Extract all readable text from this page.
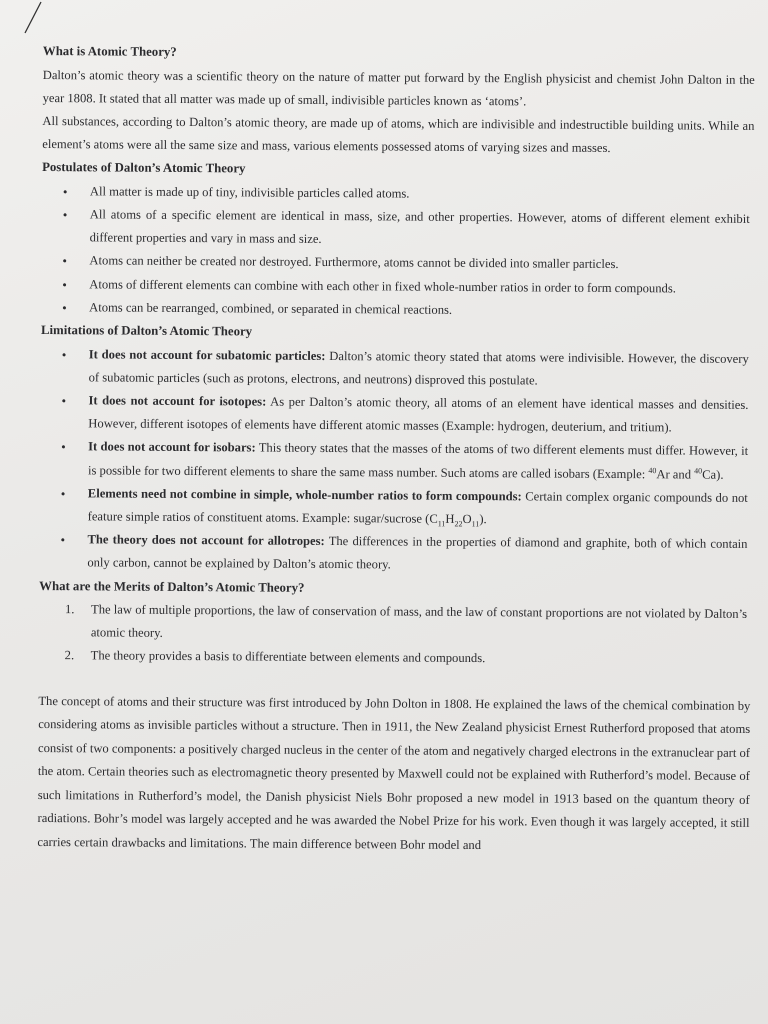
What is Atomic Theory?

Dalton’s atomic theory was a scientific theory on the nature of matter put forward by the English physicist and chemist John Dalton in the year 1808. It stated that all matter was made up of small, indivisible particles known as ‘atoms’.

All substances, according to Dalton’s atomic theory, are made up of atoms, which are indivisible and indestructible building units. While an element’s atoms were all the same size and mass, various elements possessed atoms of varying sizes and masses.

Postulates of Dalton’s Atomic Theory
• All matter is made up of tiny, indivisible particles called atoms.
• All atoms of a specific element are identical in mass, size, and other properties. However, atoms of different element exhibit different properties and vary in mass and size.
• Atoms can neither be created nor destroyed. Furthermore, atoms cannot be divided into smaller particles.
• Atoms of different elements can combine with each other in fixed whole-number ratios in order to form compounds.
• Atoms can be rearranged, combined, or separated in chemical reactions.
Limitations of Dalton’s Atomic Theory
• It does not account for subatomic particles: Dalton’s atomic theory stated that atoms were indivisible. However, the discovery of subatomic particles (such as protons, electrons, and neutrons) disproved this postulate.
• It does not account for isotopes: As per Dalton’s atomic theory, all atoms of an element have identical masses and densities. However, different isotopes of elements have different atomic masses (Example: hydrogen, deuterium, and tritium).
• It does not account for isobars: This theory states that the masses of the atoms of two different elements must differ. However, it is possible for two different elements to share the same mass number. Such atoms are called isobars (Example: $^{40}$Ar and $^{40}$Ca).
• Elements need not combine in simple, whole-number ratios to form compounds: Certain complex organic compounds do not feature simple ratios of constituent atoms. Example: sugar/sucrose $(C_{11}H_{22}O_{11})$.
• The theory does not account for allotropes: The differences in the properties of diamond and graphite, both of which contain only carbon, cannot be explained by Dalton’s atomic theory.
What are the Merits of Dalton’s Atomic Theory?
1. The law of multiple proportions, the law of conservation of mass, and the law of constant proportions are not violated by Dalton’s atomic theory.
2. The theory provides a basis to differentiate between elements and compounds.

The concept of atoms and their structure was first introduced by John Dolton in 1808. He explained the laws of the chemical combination by considering atoms as invisible particles without a structure. Then in 1911, the New Zealand physicist Ernest Rutherford proposed that atoms consist of two components: a positively charged nucleus in the center of the atom and negatively charged electrons in the extranuclear part of the atom. Certain theories such as electromagnetic theory presented by Maxwell could not be explained with Rutherford’s model. Because of such limitations in Rutherford’s model, the Danish physicist Niels Bohr proposed a new model in 1913 based on the quantum theory of radiations. Bohr’s model was largely accepted and he was awarded the Nobel Prize for his work. Even though it was largely accepted, it still carries certain drawbacks and limitations. The main difference between Bohr model and
